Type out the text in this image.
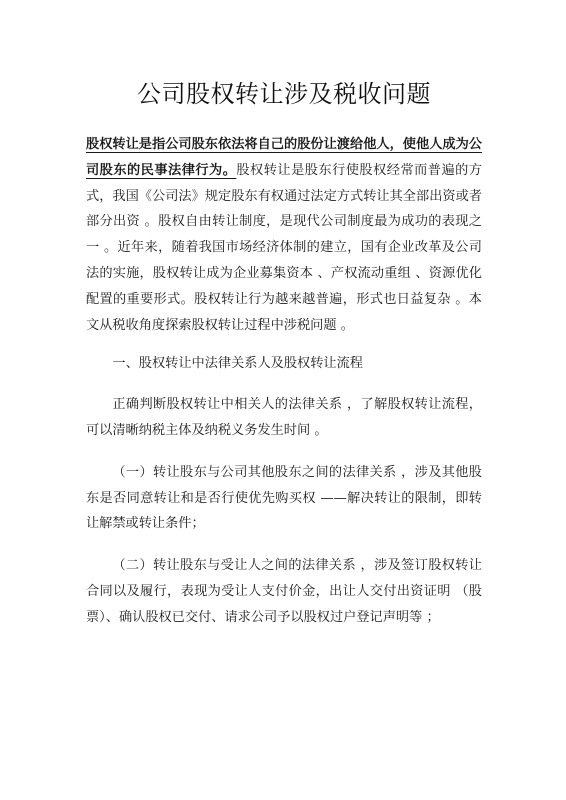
公司股权转让涉及税收问题

股权转让是指公司股东依法将自己的股份让渡给他人，使他人成为公司股东的民事法律行为。股权转让是股东行使股权经常而普遍的方式，我国《公司法》规定股东有权通过法定方式转让其全部出资或者部分出资 。股权自由转让制度，是现代公司制度最为成功的表现之一 。近年来，随着我国市场经济体制的建立，国有企业改革及公司法的实施，股权转让成为企业募集资本 、产权流动重组 、资源优化配置的重要形式。股权转让行为越来越普遍，形式也日益复杂 。本文从税收角度探索股权转让过程中涉税问题 。

一、股权转让中法律关系人及股权转让流程

正确判断股权转让中相关人的法律关系 ，了解股权转让流程，可以清晰纳税主体及纳税义务发生时间 。

（一）转让股东与公司其他股东之间的法律关系 ，涉及其他股东是否同意转让和是否行使优先购买权 ——解决转让的限制，即转让解禁或转让条件；

（二）转让股东与受让人之间的法律关系 ，涉及签订股权转让合同以及履行，表现为受让人支付价金，出让人交付出资证明 （股票）、确认股权已交付、请求公司予以股权过户登记声明等 ；
